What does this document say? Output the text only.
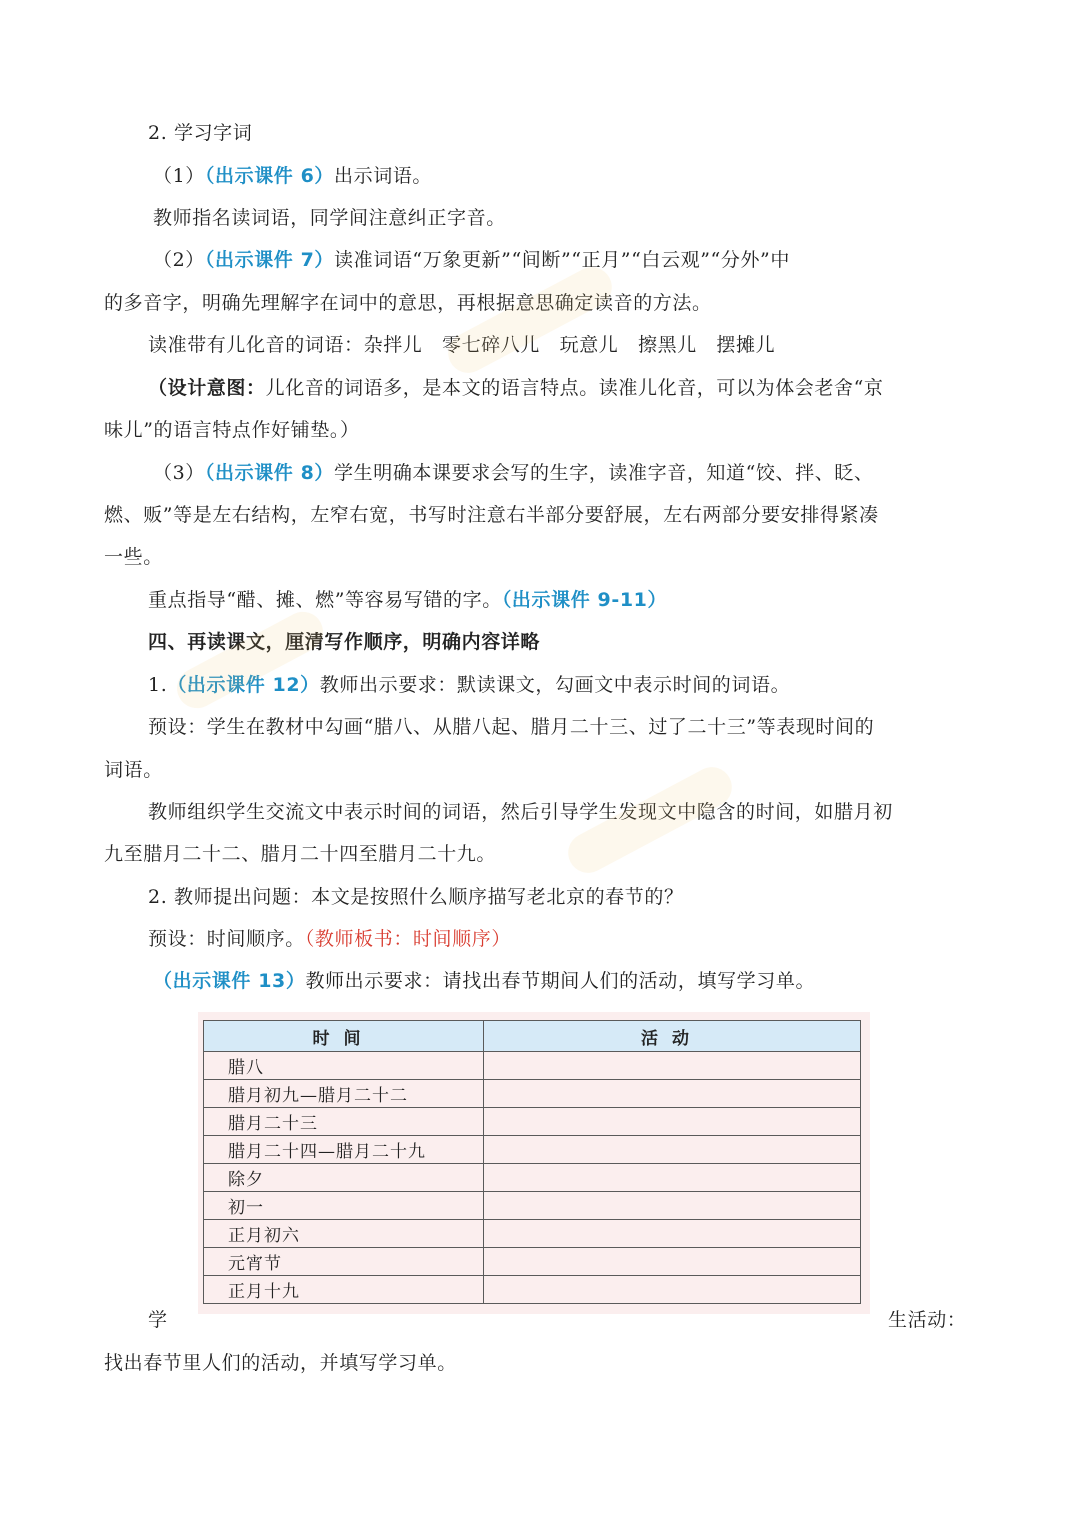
2. 学习字词
（1）（出示课件 6）出示词语。
教师指名读词语，同学间注意纠正字音。
（2）（出示课件 7）读准词语“万象更新”“间断”“正月”“白云观”“分外”中
的多音字，明确先理解字在词中的意思，再根据意思确定读音的方法。
读准带有儿化音的词语：杂拌儿　零七碎八儿　玩意儿　擦黑儿　摆摊儿
（设计意图：儿化音的词语多，是本文的语言特点。读准儿化音，可以为体会老舍“京
味儿”的语言特点作好铺垫。）
（3）（出示课件 8）学生明确本课要求会写的生字，读准字音，知道“饺、拌、眨、
燃、贩”等是左右结构，左窄右宽，书写时注意右半部分要舒展，左右两部分要安排得紧凑
一些。
重点指导“醋、摊、燃”等容易写错的字。（出示课件 9-11）
四、再读课文，厘清写作顺序，明确内容详略
1.（出示课件 12）教师出示要求：默读课文，勾画文中表示时间的词语。
预设：学生在教材中勾画“腊八、从腊八起、腊月二十三、过了二十三”等表现时间的
词语。
教师组织学生交流文中表示时间的词语，然后引导学生发现文中隐含的时间，如腊月初
九至腊月二十二、腊月二十四至腊月二十九。
2. 教师提出问题：本文是按照什么顺序描写老北京的春节的？
预设：时间顺序。（教师板书：时间顺序）
（出示课件 13）教师出示要求：请找出春节期间人们的活动，填写学习单。
时间	活动
腊八	
腊月初九—腊月二十二	
腊月二十三	
腊月二十四—腊月二十九	
除夕	
初一	
正月初六	
元宵节	
正月十九	
学	生活动：
找出春节里人们的活动，并填写学习单。
